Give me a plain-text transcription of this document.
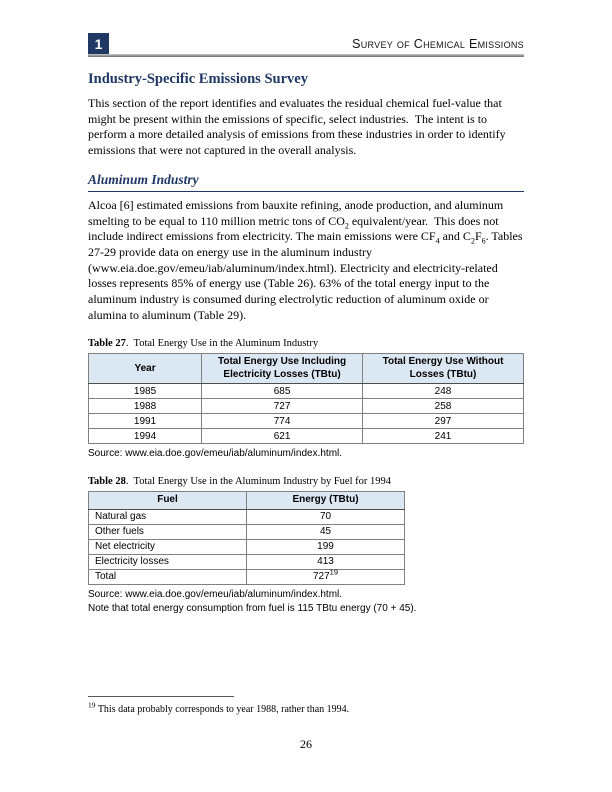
1	Survey of Chemical Emissions
Industry-Specific Emissions Survey

This section of the report identifies and evaluates the residual chemical fuel-value that might be present within the emissions of specific, select industries.  The intent is to perform a more detailed analysis of emissions from these industries in order to identify emissions that were not captured in the overall analysis.

Aluminum Industry

Alcoa [6] estimated emissions from bauxite refining, anode production, and aluminum smelting to be equal to 110 million metric tons of $CO_2$ equivalent/year.  This does not include indirect emissions from electricity. The main emissions were $CF_4$ and $C_2F_6$. Tables 27-29 provide data on energy use in the aluminum industry (www.eia.doe.gov/emeu/iab/aluminum/index.html). Electricity and electricity-related losses represents 85% of energy use (Table 26). 63% of the total energy input to the aluminum industry is consumed during electrolytic reduction of aluminum oxide or alumina to aluminum (Table 29).

Table 27.  Total Energy Use in the Aluminum Industry

Year	Total Energy Use Including Electricity Losses (TBtu)	Total Energy Use Without Losses (TBtu)
1985	685	248
1988	727	258
1991	774	297
1994	621	241

Source: www.eia.doe.gov/emeu/iab/aluminum/index.html.

Table 28.  Total Energy Use in the Aluminum Industry by Fuel for 1994

Fuel	Energy (TBtu)
Natural gas	70
Other fuels	45
Net electricity	199
Electricity losses	413
Total	$727^{19}$

Source: www.eia.doe.gov/emeu/iab/aluminum/index.html.

Note that total energy consumption from fuel is 115 TBtu energy (70 + 45).

$^{19}$ This data probably corresponds to year 1988, rather than 1994.
26
